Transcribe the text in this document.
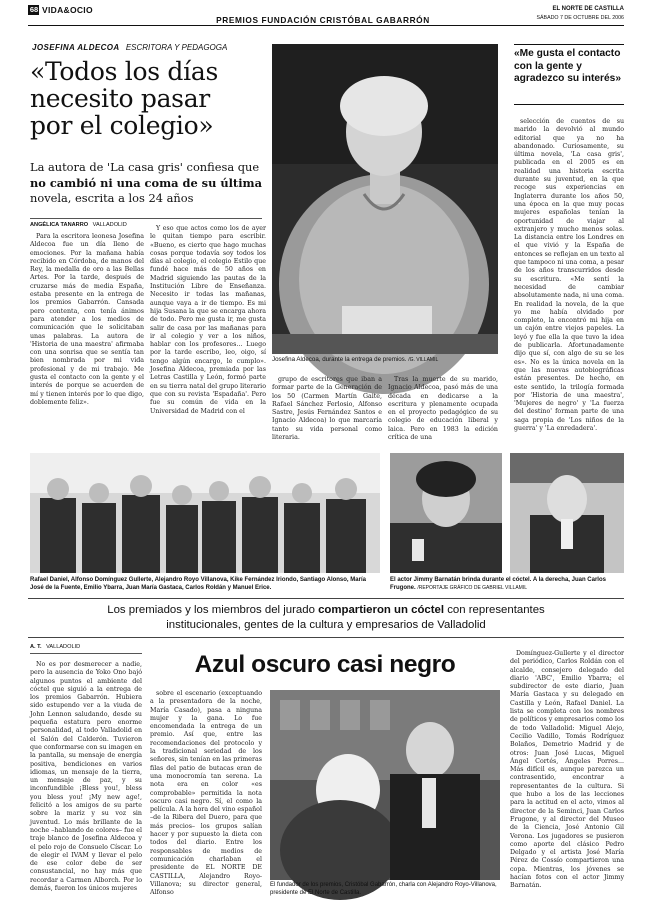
68 VIDA&OCIO
PREMIOS FUNDACIÓN CRISTÓBAL GABARRÓN
EL NORTE DE CASTILLA
SÁBADO 7 DE OCTUBRE DEL 2006
JOSEFINA ALDECOA ESCRITORA Y PEDAGOGA
«Todos los días
necesito pasar
por el colegio»
La autora de 'La casa gris' confiesa que
no cambió ni una coma de su última
novela, escrita a los 24 años
ANGÉLICA TANARRO VALLADOLID
Josefina Aldecoa, durante la entrega de premios. /G. VILLAMIL
«Me gusta el contacto con la gente y agradezco su interés»

Para la escritora leonesa Josefina Aldecoa fue un día lleno de emociones. Por la mañana había recibido en Córdoba, de manos del Rey, la medalla de oro a las Bellas Artes. Por la tarde, después de cruzarse más de media España, estaba presente en la entrega de los premios Gabarrón. Cansada pero contenta, con tenía ánimos para atender a los medios de comunicación que le solicitaban unas palabras. La autora de 'Historia de una maestra' afirmaba con una sonrisa que se sentía tan bien nombrada por mi vida profesional y de mi trabajo. Me gusta el contacto con la gente y el interés de porque se acuerden de mí y tienen interés por lo que digo, doblemente feliz».

Y eso que actos como los de ayer le quitan tiempo para escribir. «Bueno, es cierto que hago muchas cosas porque todavía soy todos los días al colegio, el colegio Estilo que fundé hace más de 50 años en Madrid siguiendo las pautas de la Institución Libre de Enseñanza. Necesito ir todas las mañanas, aunque vaya a ir de tiempo. Es mi hija Susana la que se encarga ahora de todo. Pero me gusta ir, me gusta salir de casa por las mañanas para ir al colegio y ver a los niños, hablar con los profesores... Luego por la tarde escribo, leo, oigo, sí tengo algún encargo, le cumplo». Josefina Aldecoa, premiada por las Letras Castilla y León, formó parte en su tierra natal del grupo literario que con su revista 'Espadaña'. Pero fue su común de vida en la Universidad de Madrid con el

grupo de escritores que iban a formar parte de la Generación de los 50 (Carmen Martín Gaite, Rafael Sánchez Ferlosio, Alfonso Sastre, Jesús Fernández Santos e Ignacio Aldecoa) lo que marcaría tanto su vida personal como literaria.

Tras la muerte de su marido, Ignacio Aldecoa, pasó más de una década en dedicarse a la escritura y plenamente ocupada en el proyecto pedagógico de su colegio de educación liberal y laica. Pero en 1983 la edición crítica de una

selección de cuentos de su marido la devolvió al mundo editorial que ya no ha abandonado. Curiosamente, su última novela, 'La casa gris', publicada en el 2005 es en realidad una historia escrita durante su juventud, en la que recoge sus experiencias en Inglaterra durante los años 50, una época en la que muy pocas mujeres españolas tenían la oportunidad de viajar al extranjero y mucho menos solas. La distancia entre los Londres en el que vivió y la España de entonces se reflejan en un texto al que tampoco ni una coma, a pesar de los años transcurridos desde su escritura. «Me sentí la necesidad de cambiar absolutamente nada, ni una coma. En realidad la novela, de la que yo me había olvidado por completo, la encontró mi hija en un cajón entre viejos papeles. La leyó y fue ella la que tuvo la idea de publicarla. Afortunadamente dijo que sí, con algo de su se les es». No es la única novela en la que las nuevas autobiográficas están presentes. De hecho, en este sentido, la trilogía formada por 'Historia de una maestra', 'Mujeres de negro' y 'La fuerza del destino' forman parte de una saga propia de 'Los niños de la guerra' y 'La enredadera'.

Rafael Daniel, Alfonso Domínguez Gullerte, Alejandro Royo Villanova, Kike Fernández Iriondo, Santiago Alonso, María José de la Fuente, Emilio Ybarra, Juan María Gastaca, Carlos Roldán y Manuel Erice.
El actor Jimmy Barnatán brinda durante el cóctel. A la derecha, Juan Carlos Frugone. /REPORTAJE GRÁFICO DE GABRIEL VILLAMIL
Los premiados y los miembros del jurado compartieron un cóctel con representantes
institucionales, gentes de la cultura y empresarios de Valladolid
A. T. VALLADOLID
Azul oscuro casi negro

No es por desmerecer a nadie, pero la ausencia de Yoko Ono bajó algunos puntos el ambiente del cóctel que siguió a la entrega de los premios Gabarrón. Hubiera sido estupendo ver a la viuda de John Lennon saludando, desde su pequeña estatura pero enorme personalidad, al todo Valladolid en el Salón del Calderón. Tuvieron que conformarse con su imagen en la pantalla, su mensaje de energía positiva, bendiciones en varios idiomas, un mensaje de la tierra, un mensaje de paz, y su inconfundible ¡Bless you!, bless you bless you! ¡My new age!, felicitó a los amigos de su parte sobre la mariz y su voz sin juventud. Lo más brillante de la noche –hablando de colores– fue el traje blanco de Josefina Aldecoa y el pelo rojo de Consuelo Císcar. Lo de elegir el IVAM y llevar el pelo de ese color debe de ser consustancial, no hay más que recordar a Carmen Alborch. Por lo demás, fueron los únicos mujeres

sobre el escenario (exceptuando a la presentadora de la noche, María Casado), pasa a ninguna mujer y la gana. Lo fue encomendada la entrega de un premio. Así que, entre las recomendaciones del protocolo y la tradicional seriedad de los señores, sin tenían en las primeras filas del patio de butacas eran de una monocromía tan serena. La nota era en color «es comprobable» permitida la nota oscuro casi negro. Sí, el como la película. A la hora del vino español –de la Ribera del Duero, para que más precios– los grupos salían hacer y por supuesto la dieta con todos del diario. Entre los responsables de medios de comunicación charlaban el presidente de EL NORTE DE CASTILLA, Alejandro Royo-Villanova; su director general, Alfonso

El fundador de los premios, Cristóbal Gabarrón, charla con Alejandro Royo-Villanova, presidente de El Norte de Castilla.

Domínguez-Gullerte y el director del periódico, Carlos Roldán con el alcalde, consejero delegado del diario 'ABC', Emilio Ybarra; el subdirector de este diario, Juan María Gastaca y su delegado en Castilla y León, Rafael Daniel. La lista se completa con los nombres de políticos y empresarios como los de todo Valladolid: Miguel Alejo, Cecilio Vadillo, Tomás Rodríguez Bolaños, Demetrio Madrid y de otros: Juan José Lucas, Miguel Ángel Cortés, Ángeles Porres... Más difícil es, aunque parezca un contrasentido, encontrar a representantes de la cultura. Si que hubo a los de las lecciones para la actitud en el acto, vimos al director de la Seminci, Juan Carlos Frugone, y al director del Museo de la Ciencia, José Antonio Gil Verona. Los jugadores se pusieron como aporte del clásico Pedro Delgado y el artista José María Pérez de Cossío compartieron una copa. Mientras, los jóvenes se hacían fotos con el actor Jimmy Barnatán.
